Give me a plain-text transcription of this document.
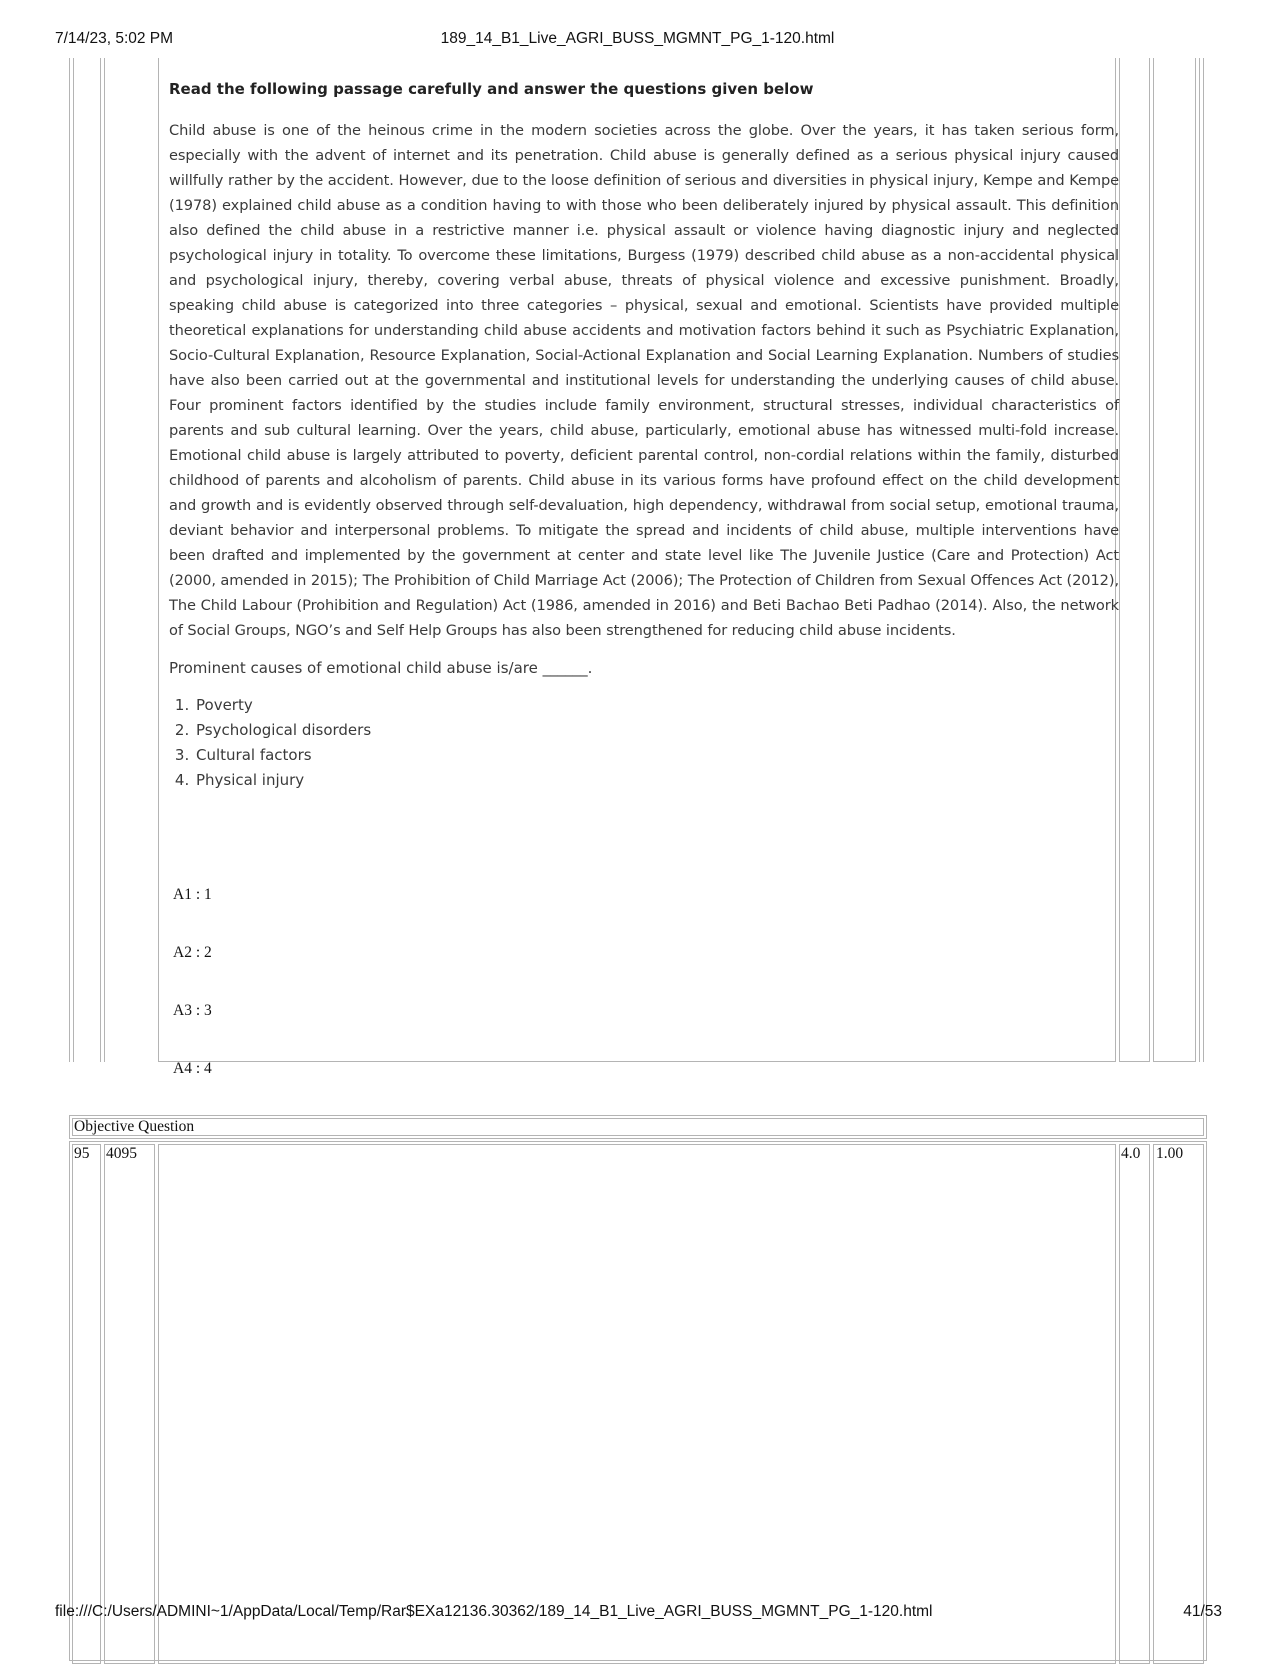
7/14/23, 5:02 PM	189_14_B1_Live_AGRI_BUSS_MGMNT_PG_1-120.html

Read the following passage carefully and answer the questions given below

Child abuse is one of the heinous crime in the modern societies across the globe. Over the years, it has taken serious form, especially with the advent of internet and its penetration. Child abuse is generally defined as a serious physical injury caused willfully rather by the accident. However, due to the loose definition of serious and diversities in physical injury, Kempe and Kempe (1978) explained child abuse as a condition having to with those who been deliberately injured by physical assault. This definition also defined the child abuse in a restrictive manner i.e. physical assault or violence having diagnostic injury and neglected psychological injury in totality. To overcome these limitations, Burgess (1979) described child abuse as a non-accidental physical and psychological injury, thereby, covering verbal abuse, threats of physical violence and excessive punishment. Broadly, speaking child abuse is categorized into three categories – physical, sexual and emotional. Scientists have provided multiple theoretical explanations for understanding child abuse accidents and motivation factors behind it such as Psychiatric Explanation, Socio-Cultural Explanation, Resource Explanation, Social-Actional Explanation and Social Learning Explanation. Numbers of studies have also been carried out at the governmental and institutional levels for understanding the underlying causes of child abuse. Four prominent factors identified by the studies include family environment, structural stresses, individual characteristics of parents and sub cultural learning. Over the years, child abuse, particularly, emotional abuse has witnessed multi-fold increase. Emotional child abuse is largely attributed to poverty, deficient parental control, non-cordial relations within the family, disturbed childhood of parents and alcoholism of parents. Child abuse in its various forms have profound effect on the child development and growth and is evidently observed through self-devaluation, high dependency, withdrawal from social setup, emotional trauma, deviant behavior and interpersonal problems. To mitigate the spread and incidents of child abuse, multiple interventions have been drafted and implemented by the government at center and state level like The Juvenile Justice (Care and Protection) Act (2000, amended in 2015); The Prohibition of Child Marriage Act (2006); The Protection of Children from Sexual Offences Act (2012), The Child Labour (Prohibition and Regulation) Act (1986, amended in 2016) and Beti Bachao Beti Padhao (2014). Also, the network of Social Groups, NGO’s and Self Help Groups has also been strengthened for reducing child abuse incidents.

Prominent causes of emotional child abuse is/are ______.

1. Poverty
2. Psychological disorders
3. Cultural factors
4. Physical injury
A1 : 1
A2 : 2
A3 : 3
A4 : 4
Objective Question
95 4095	4.0 1.00
file:///C:/Users/ADMINI~1/AppData/Local/Temp/Rar$EXa12136.30362/189_14_B1_Live_AGRI_BUSS_MGMNT_PG_1-120.html	41/53
